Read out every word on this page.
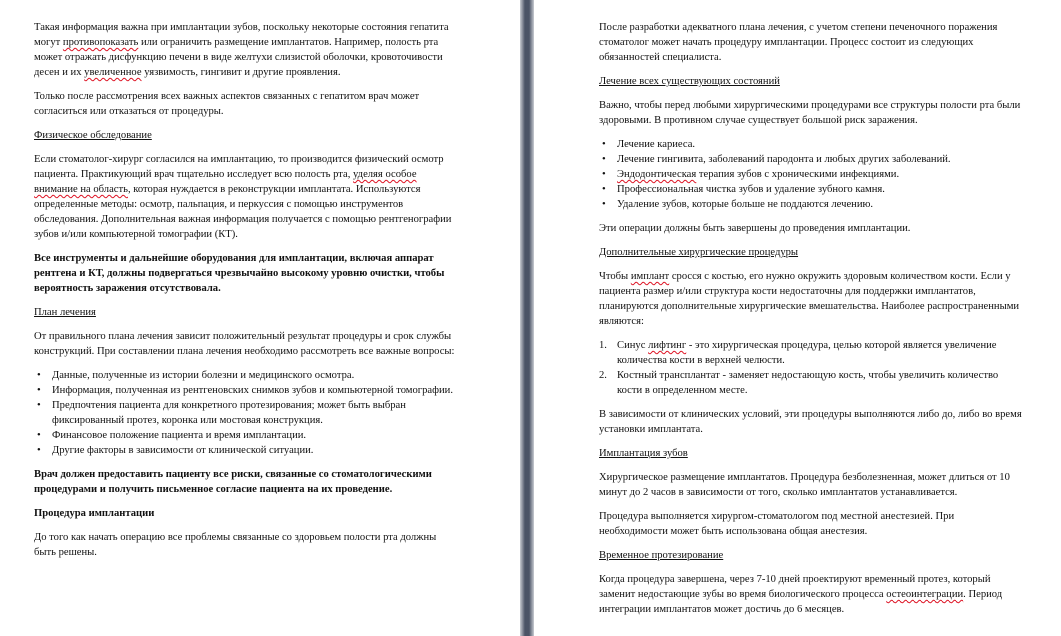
Такая информация важна при имплантации зубов, поскольку некоторые состояния гепатита могут противопоказать или ограничить размещение имплантатов. Например, полость рта может отражать дисфункцию печени в виде желтухи слизистой оболочки, кровоточивости десен и их увеличенное уязвимость, гингивит и другие проявления.

Только после рассмотрения всех важных аспектов связанных с гепатитом врач может согласиться или отказаться от процедуры.

Физическое обследование

Если стоматолог-хирург согласился на имплантацию, то производится физический осмотр пациента. Практикующий врач тщательно исследует всю полость рта, уделяя особое внимание на область, которая нуждается в реконструкции имплантата. Используются определенные методы: осмотр, пальпация, и перкуссия с помощью инструментов обследования. Дополнительная важная информация получается с помощью рентгенографии зубов и/или компьютерной томографии (КТ).

Все инструменты и дальнейшие оборудования для имплантации, включая аппарат рентгена и КТ, должны подвергаться чрезвычайно высокому уровню очистки, чтобы вероятность заражения отсутствовала.

План лечения

От правильного плана лечения зависит положительный результат процедуры и срок службы конструкций. При составлении плана лечения необходимо рассмотреть все важные вопросы:

• Данные, полученные из истории болезни и медицинского осмотра.
• Информация, полученная из рентгеновских снимков зубов и компьютерной томографии.
• Предпочтения пациента для конкретного протезирования; может быть выбран фиксированный протез, коронка или мостовая конструкция.
• Финансовое положение пациента и время имплантации.
• Другие факторы в зависимости от клинической ситуации.

Врач должен предоставить пациенту все риски, связанные со стоматологическими процедурами и получить письменное согласие пациента на их проведение.

Процедура имплантации

До того как начать операцию все проблемы связанные со здоровьем полости рта должны быть решены.

После разработки адекватного плана лечения, с учетом степени печеночного поражения стоматолог может начать процедуру имплантации. Процесс состоит из следующих обязанностей специалиста.

Лечение всех существующих состояний

Важно, чтобы перед любыми хирургическими процедурами все структуры полости рта были здоровыми. В противном случае существует большой риск заражения.

• Лечение кариеса.
• Лечение гингивита, заболеваний пародонта и любых других заболеваний.
• Эндодонтическая терапия зубов с хроническими инфекциями.
• Профессиональная чистка зубов и удаление зубного камня.
• Удаление зубов, которые больше не поддаются лечению.

Эти операции должны быть завершены до проведения имплантации.

Дополнительные хирургические процедуры

Чтобы имплант сросся с костью, его нужно окружить здоровым количеством кости. Если у пациента размер и/или структура кости недостаточны для поддержки имплантатов, планируются дополнительные хирургические вмешательства. Наиболее распространенными являются:

1. Синус лифтинг - это хирургическая процедура, целью которой является увеличение количества кости в верхней челюсти.
2. Костный трансплантат - заменяет недостающую кость, чтобы увеличить количество кости в определенном месте.

В зависимости от клинических условий, эти процедуры выполняются либо до, либо во время установки имплантата.

Имплантация зубов

Хирургическое размещение имплантатов. Процедура безболезненная, может длиться от 10 минут до 2 часов в зависимости от того, сколько имплантатов устанавливается.

Процедура выполняется хирургом-стоматологом под местной анестезией. При необходимости может быть использована общая анестезия.

Временное протезирование

Когда процедура завершена, через 7-10 дней проектируют временный протез, который заменит недостающие зубы во время биологического процесса остеоинтеграции. Период интеграции имплантатов может достичь до 6 месяцев.
